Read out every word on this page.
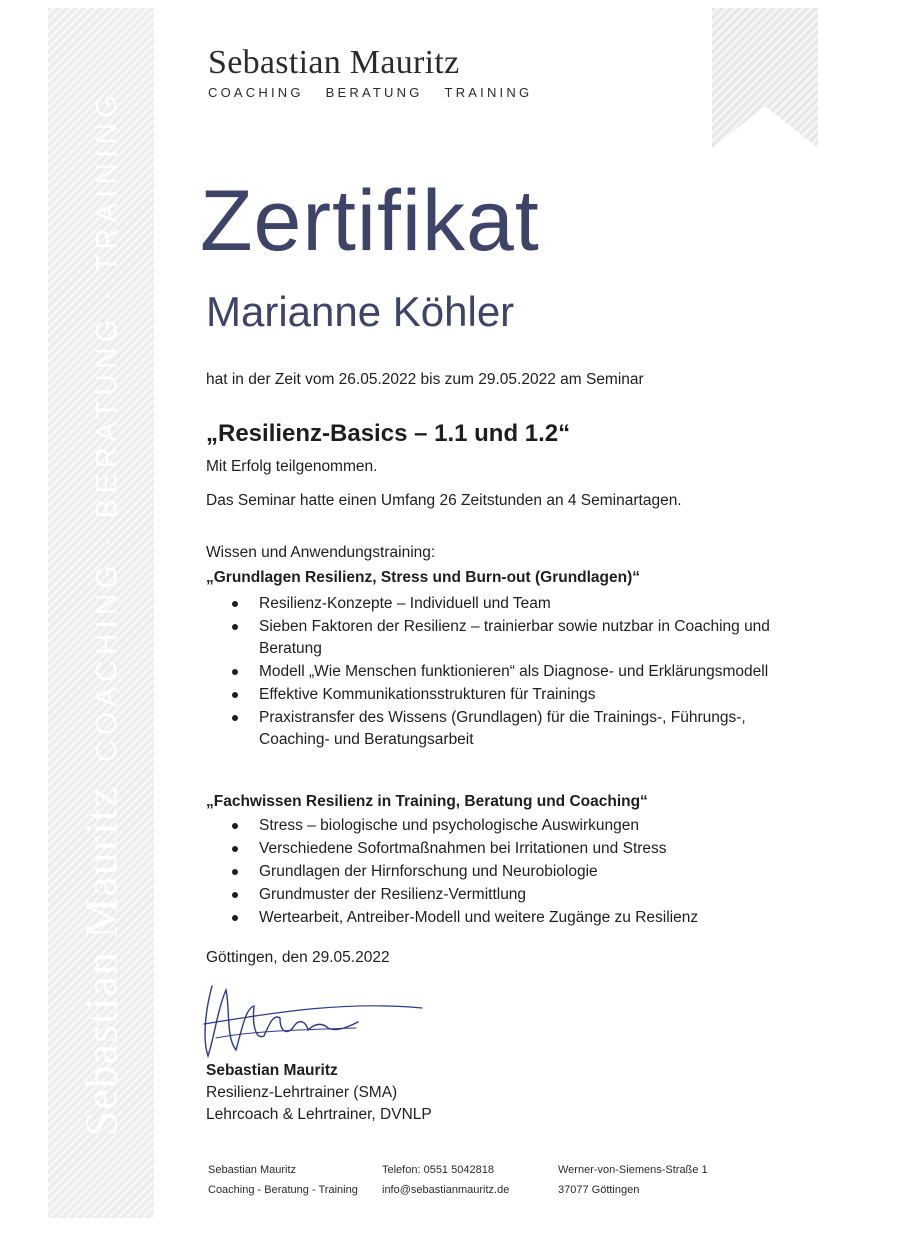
Sebastian MauritzCOACHING · BERATUNG · TRAINING
Sebastian Mauritz
COACHING BERATUNG TRAINING
Zertifikat
Marianne Köhler
hat in der Zeit vom 26.05.2022 bis zum 29.05.2022 am Seminar
„Resilienz-Basics – 1.1 und 1.2“
Mit Erfolg teilgenommen.
Das Seminar hatte einen Umfang 26 Zeitstunden an 4 Seminartagen.
Wissen und Anwendungstraining:
„Grundlagen Resilienz, Stress und Burn-out (Grundlagen)“
Resilienz-Konzepte – Individuell und Team
Sieben Faktoren der Resilienz – trainierbar sowie nutzbar in Coaching und Beratung
Modell „Wie Menschen funktionieren“ als Diagnose- und Erklärungsmodell
Effektive Kommunikationsstrukturen für Trainings
Praxistransfer des Wissens (Grundlagen) für die Trainings-, Führungs-, Coaching- und Beratungsarbeit
„Fachwissen Resilienz in Training, Beratung und Coaching“
Stress – biologische und psychologische Auswirkungen
Verschiedene Sofortmaßnahmen bei Irritationen und Stress
Grundlagen der Hirnforschung und Neurobiologie
Grundmuster der Resilienz-Vermittlung
Wertearbeit, Antreiber-Modell und weitere Zugänge zu Resilienz
Göttingen, den 29.05.2022
Sebastian Mauritz
Resilienz-Lehrtrainer (SMA)
Lehrcoach & Lehrtrainer, DVNLP
Sebastian Mauritz
Coaching - Beratung - Training
Telefon: 0551 5042818
info@sebastianmauritz.de
Werner-von-Siemens-Straße 1
37077 Göttingen
